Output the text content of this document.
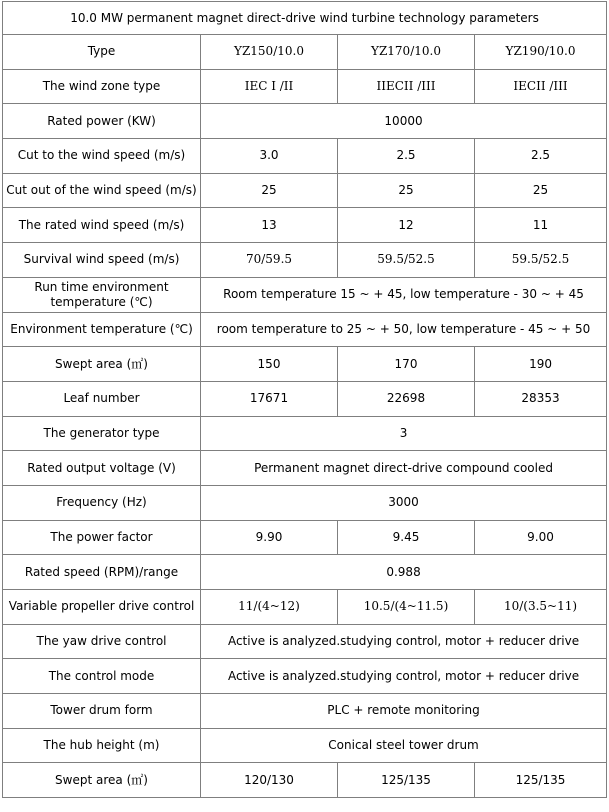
10.0 MW permanent magnet direct-drive wind turbine technology parameters			
Type	YZ150/10.0	YZ170/10.0	YZ190/10.0
The wind zone type	IEC I /II	IIECII /III	IECII /III
Rated power (KW)	10000		
Cut to the wind speed (m/s)	3.0	2.5	2.5
Cut out of the wind speed (m/s)	25	25	25
The rated wind speed (m/s)	13	12	11
Survival wind speed (m/s)	70/59.5	59.5/52.5	59.5/52.5
Run time environment temperature (℃)	Room temperature 15 ~ + 45, low temperature - 30 ~ + 45		
Environment temperature (℃)	room temperature to 25 ~ + 50, low temperature - 45 ~ + 50		
Swept area (㎡)	150	170	190
Leaf number	17671	22698	28353
The generator type	3		
Rated output voltage (V)	Permanent magnet direct-drive compound cooled		
Frequency (Hz)	3000		
The power factor	9.90	9.45	9.00
Rated speed (RPM)/range	0.988		
Variable propeller drive control	11/(4~12)	10.5/(4~11.5)	10/(3.5~11)
The yaw drive control	Active is analyzed.studying control, motor + reducer drive		
The control mode	Active is analyzed.studying control, motor + reducer drive		
Tower drum form	PLC + remote monitoring		
The hub height (m)	Conical steel tower drum		
Swept area (㎡)	120/130	125/135	125/135
